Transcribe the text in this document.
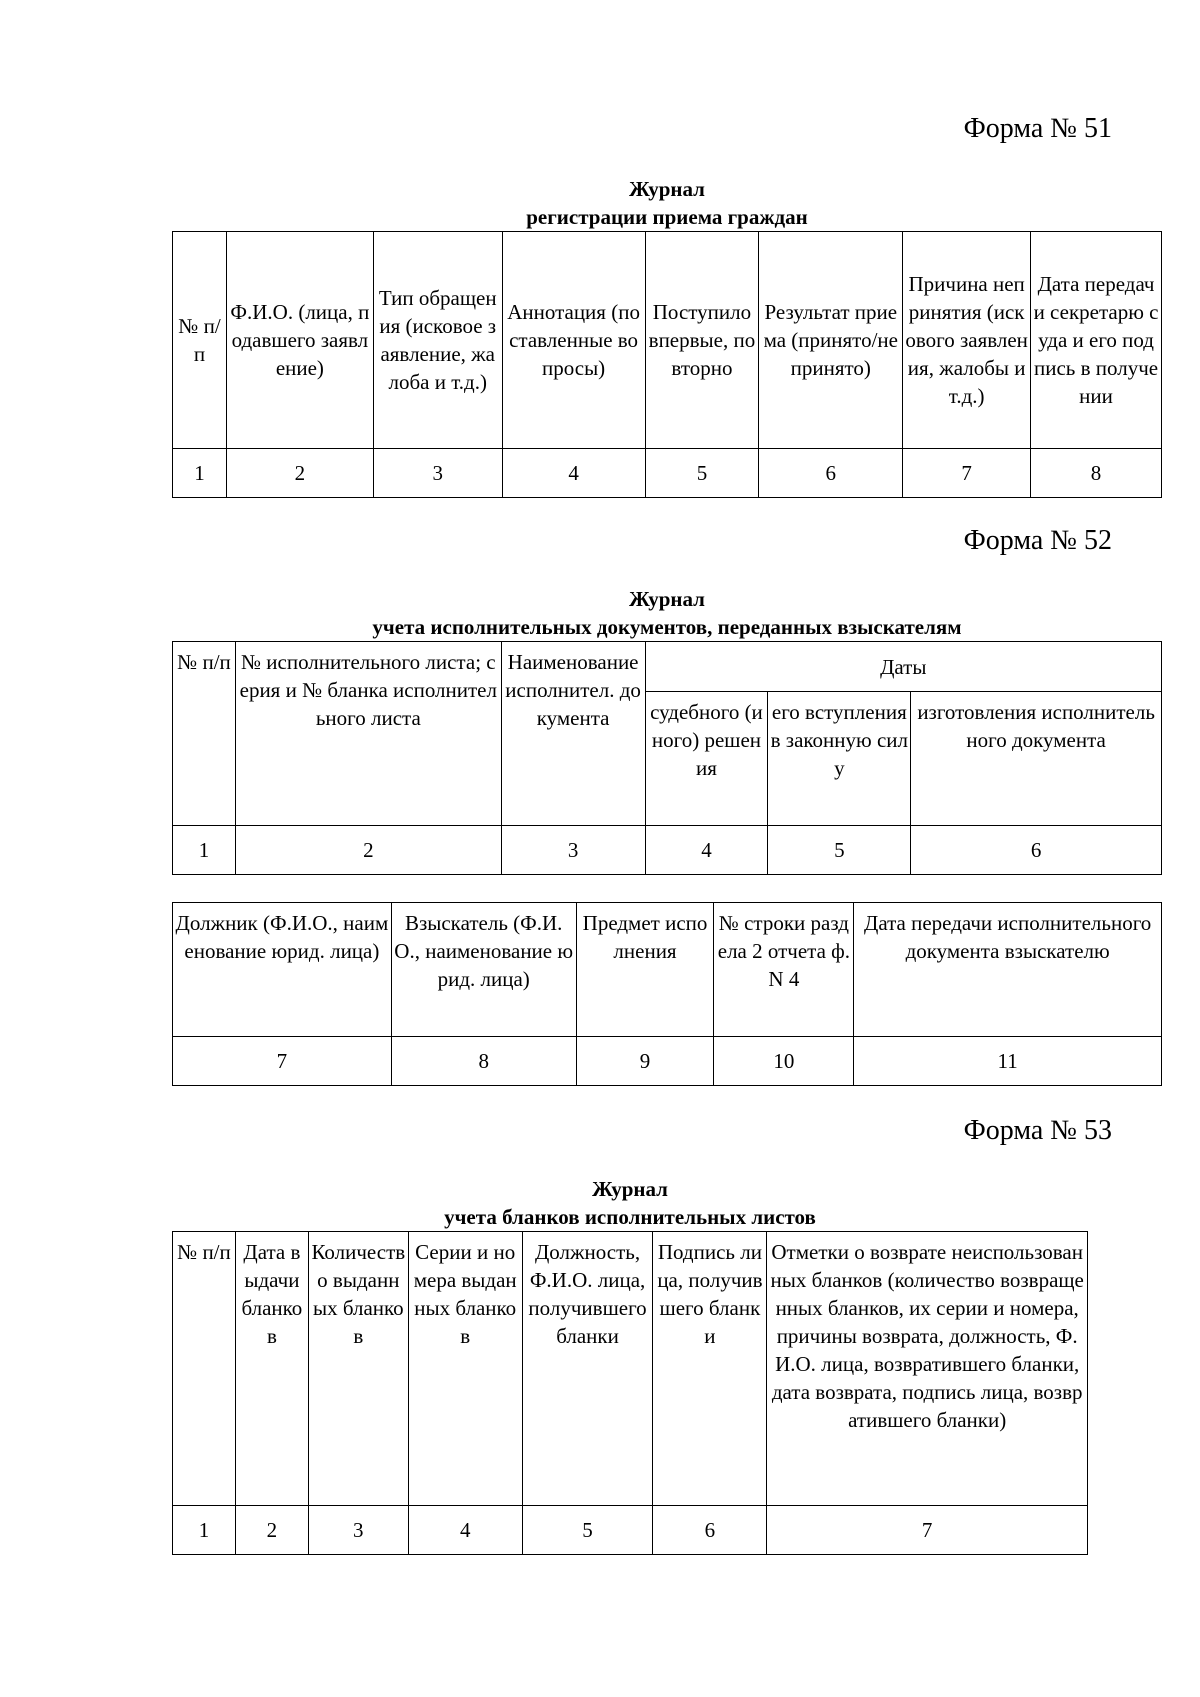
Форма № 51
Журнал
регистрации приема граждан
№ п/п	Ф.И.О. (лица, подавшего заявление)	Тип обращения (исковое заявление, жалоба и т.д.)	Аннотация (поставленные вопросы)	Поступило впервые, повторно	Результат приема (принято/не принято)	Причина непринятия (искового заявления, жалобы и т.д.)	Дата передачи секретарю суда и его подпись в получении
1	2	3	4	5	6	7	8
Форма № 52
Журнал
учета исполнительных документов, переданных взыскателям
№ п/п	№ исполнительного листа; серия и № бланка исполнительного листа	Наименование исполнител. документа	Даты		
			судебного (иного) решения	его вступления в законную силу	изготовления исполнительного документа
1	2	3	4	5	6
Должник (Ф.И.О., наименование юрид. лица)	Взыскатель (Ф.И.О., наименование юрид. лица)	Предмет исполнения	№ строки раздела 2 отчета ф. N 4	Дата передачи исполнительного документа взыскателю
7	8	9	10	11
Форма № 53
Журнал
учета бланков исполнительных листов
№ п/п	Дата выдачи бланков	Количество выданных бланков	Серии и номера выданных бланков	Должность, Ф.И.О. лица, получившего бланки	Подпись лица, получившего бланки	Отметки о возврате неиспользованных бланков (количество возвращенных бланков, их серии и номера, причины возврата, должность, Ф.И.О. лица, возвратившего бланки, дата возврата, подпись лица, возвратившего бланки)
1	2	3	4	5	6	7
